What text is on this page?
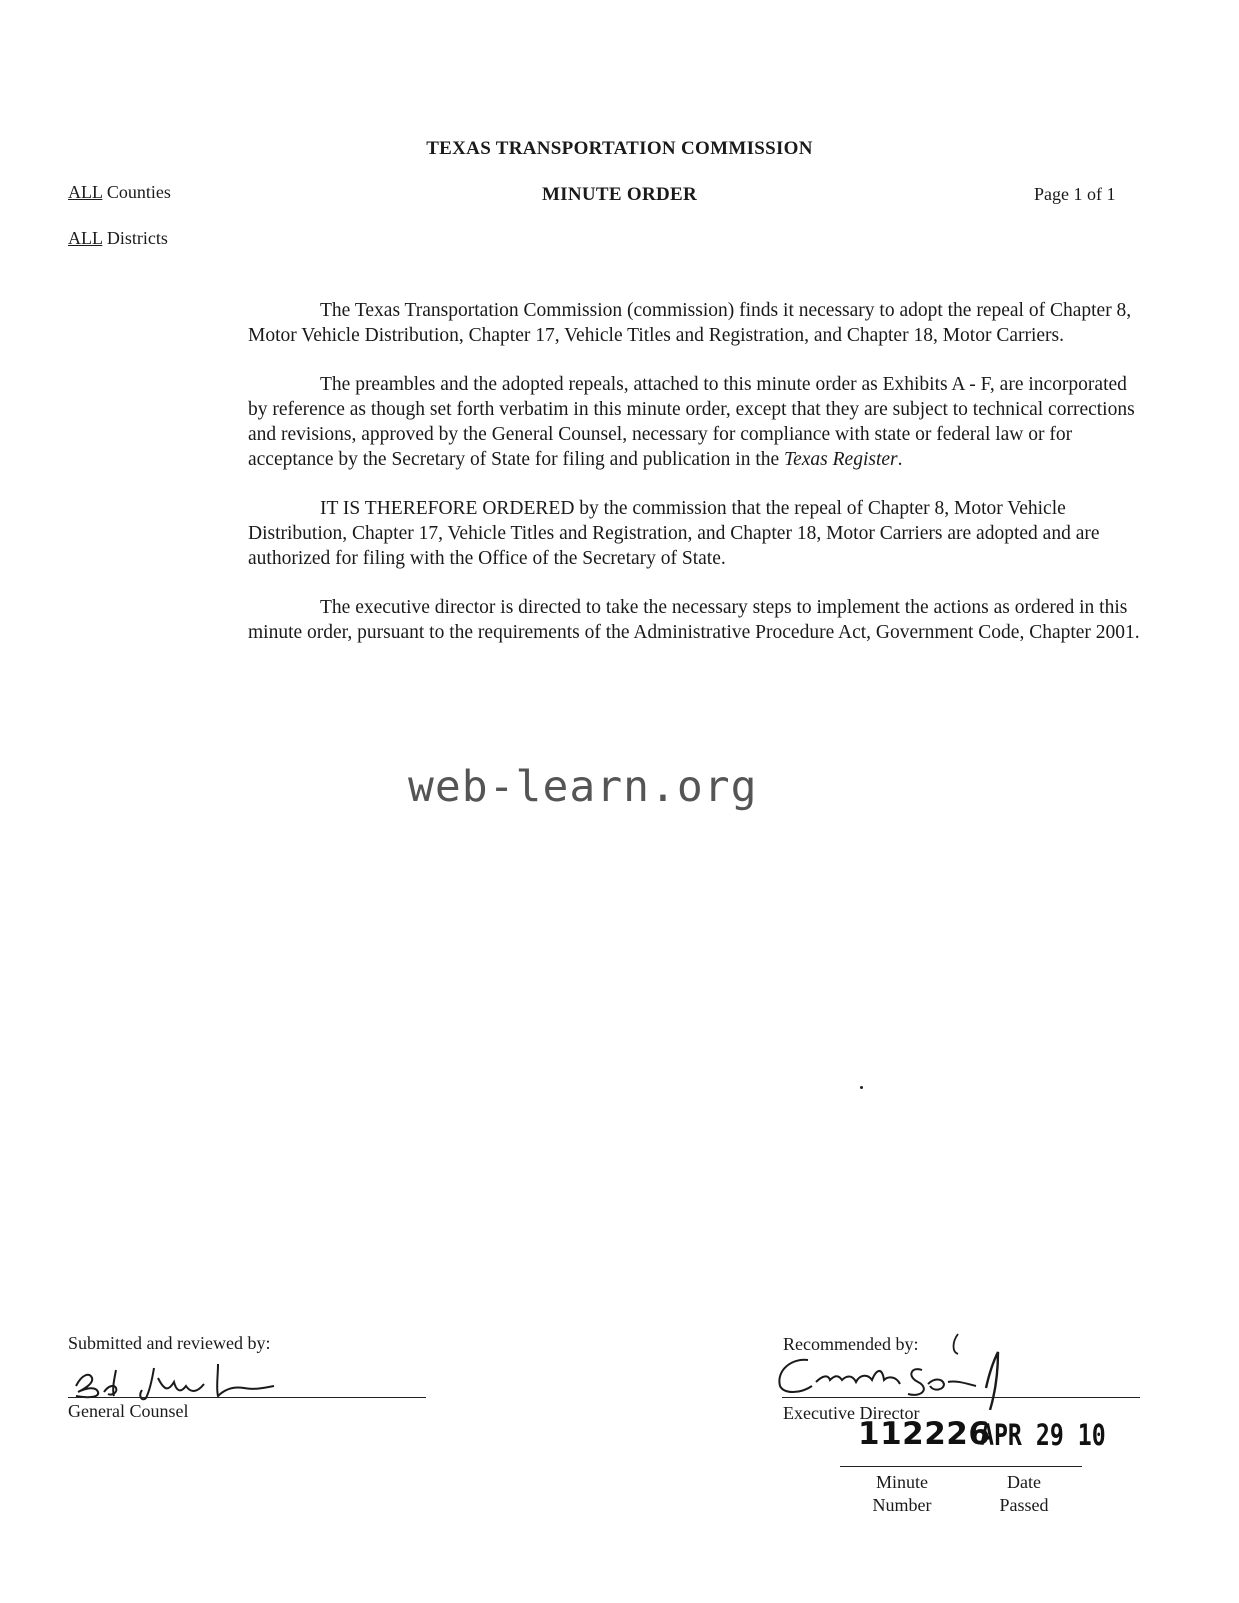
TEXAS TRANSPORTATION COMMISSION
MINUTE ORDER	Page 1 of 1
ALL Counties
ALL Districts

The Texas Transportation Commission (commission) finds it necessary to adopt the repeal of Chapter 8, Motor Vehicle Distribution, Chapter 17, Vehicle Titles and Registration, and Chapter 18, Motor Carriers.

The preambles and the adopted repeals, attached to this minute order as Exhibits A - F, are incorporated by reference as though set forth verbatim in this minute order, except that they are subject to technical corrections and revisions, approved by the General Counsel, necessary for compliance with state or federal law or for acceptance by the Secretary of State for filing and publication in the Texas Register.

IT IS THEREFORE ORDERED by the commission that the repeal of Chapter 8, Motor Vehicle Distribution, Chapter 17, Vehicle Titles and Registration, and Chapter 18, Motor Carriers are adopted and are authorized for filing with the Office of the Secretary of State.

The executive director is directed to take the necessary steps to implement the actions as ordered in this minute order, pursuant to the requirements of the Administrative Procedure Act, Government Code, Chapter 2001.

web-learn.org
Submitted and reviewed by:
General Counsel
Recommended by:
Executive Director
112226
APR 29 10
Minute
Number
Date
Passed
